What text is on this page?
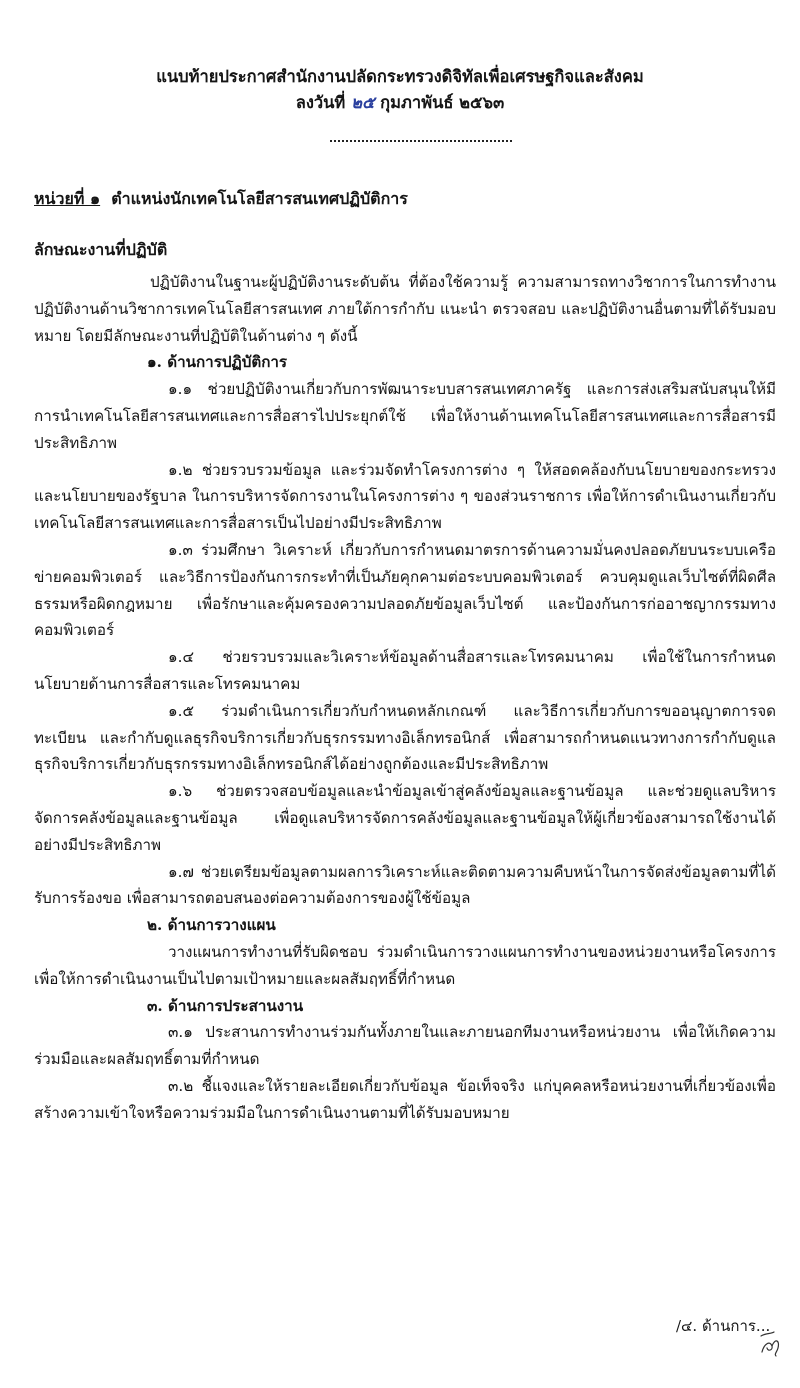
แนบท้ายประกาศสำนักงานปลัดกระทรวงดิจิทัลเพื่อเศรษฐกิจและสังคม
ลงวันที่ ๒๕ กุมภาพันธ์ ๒๕๖๓
หน่วยที่ ๑ ตำแหน่งนักเทคโนโลยีสารสนเทศปฏิบัติการ
ลักษณะงานที่ปฏิบัติ

ปฏิบัติงานในฐานะผู้ปฏิบัติงานระดับต้น ที่ต้องใช้ความรู้ ความสามารถทางวิชาการในการทำงาน ปฏิบัติงานด้านวิชาการเทคโนโลยีสารสนเทศ ภายใต้การกำกับ แนะนำ ตรวจสอบ และปฏิบัติงานอื่นตามที่ได้รับมอบหมาย โดยมีลักษณะงานที่ปฏิบัติในด้านต่าง ๆ ดังนี้

๑. ด้านการปฏิบัติการ

๑.๑ ช่วยปฏิบัติงานเกี่ยวกับการพัฒนาระบบสารสนเทศภาครัฐ และการส่งเสริมสนับสนุนให้มีการนำเทคโนโลยีสารสนเทศและการสื่อสารไปประยุกต์ใช้ เพื่อให้งานด้านเทคโนโลยีสารสนเทศและการสื่อสารมีประสิทธิภาพ

๑.๒ ช่วยรวบรวมข้อมูล และร่วมจัดทำโครงการต่าง ๆ ให้สอดคล้องกับนโยบายของกระทรวงและนโยบายของรัฐบาล ในการบริหารจัดการงานในโครงการต่าง ๆ ของส่วนราชการ เพื่อให้การดำเนินงานเกี่ยวกับเทคโนโลยีสารสนเทศและการสื่อสารเป็นไปอย่างมีประสิทธิภาพ

๑.๓ ร่วมศึกษา วิเคราะห์ เกี่ยวกับการกำหนดมาตรการด้านความมั่นคงปลอดภัยบนระบบเครือข่ายคอมพิวเตอร์ และวิธีการป้องกันการกระทำที่เป็นภัยคุกคามต่อระบบคอมพิวเตอร์ ควบคุมดูแลเว็บไซต์ที่ผิดศีลธรรมหรือผิดกฎหมาย เพื่อรักษาและคุ้มครองความปลอดภัยข้อมูลเว็บไซต์ และป้องกันการก่ออาชญากรรมทางคอมพิวเตอร์

๑.๔ ช่วยรวบรวมและวิเคราะห์ข้อมูลด้านสื่อสารและโทรคมนาคม เพื่อใช้ในการกำหนดนโยบายด้านการสื่อสารและโทรคมนาคม

๑.๕ ร่วมดำเนินการเกี่ยวกับกำหนดหลักเกณฑ์ และวิธีการเกี่ยวกับการขออนุญาตการจดทะเบียน และกำกับดูแลธุรกิจบริการเกี่ยวกับธุรกรรมทางอิเล็กทรอนิกส์ เพื่อสามารถกำหนดแนวทางการกำกับดูแลธุรกิจบริการเกี่ยวกับธุรกรรมทางอิเล็กทรอนิกส์ได้อย่างถูกต้องและมีประสิทธิภาพ

๑.๖ ช่วยตรวจสอบข้อมูลและนำข้อมูลเข้าสู่คลังข้อมูลและฐานข้อมูล และช่วยดูแลบริหารจัดการคลังข้อมูลและฐานข้อมูล เพื่อดูแลบริหารจัดการคลังข้อมูลและฐานข้อมูลให้ผู้เกี่ยวข้องสามารถใช้งานได้อย่างมีประสิทธิภาพ

๑.๗ ช่วยเตรียมข้อมูลตามผลการวิเคราะห์และติดตามความคืบหน้าในการจัดส่งข้อมูลตามที่ได้รับการร้องขอ เพื่อสามารถตอบสนองต่อความต้องการของผู้ใช้ข้อมูล

๒. ด้านการวางแผน

วางแผนการทำงานที่รับผิดชอบ ร่วมดำเนินการวางแผนการทำงานของหน่วยงานหรือโครงการเพื่อให้การดำเนินงานเป็นไปตามเป้าหมายและผลสัมฤทธิ์ที่กำหนด

๓. ด้านการประสานงาน

๓.๑ ประสานการทำงานร่วมกันทั้งภายในและภายนอกทีมงานหรือหน่วยงาน เพื่อให้เกิดความร่วมมือและผลสัมฤทธิ์ตามที่กำหนด

๓.๒ ชี้แจงและให้รายละเอียดเกี่ยวกับข้อมูล ข้อเท็จจริง แก่บุคคลหรือหน่วยงานที่เกี่ยวข้องเพื่อสร้างความเข้าใจหรือความร่วมมือในการดำเนินงานตามที่ได้รับมอบหมาย

/๔. ด้านการ...
